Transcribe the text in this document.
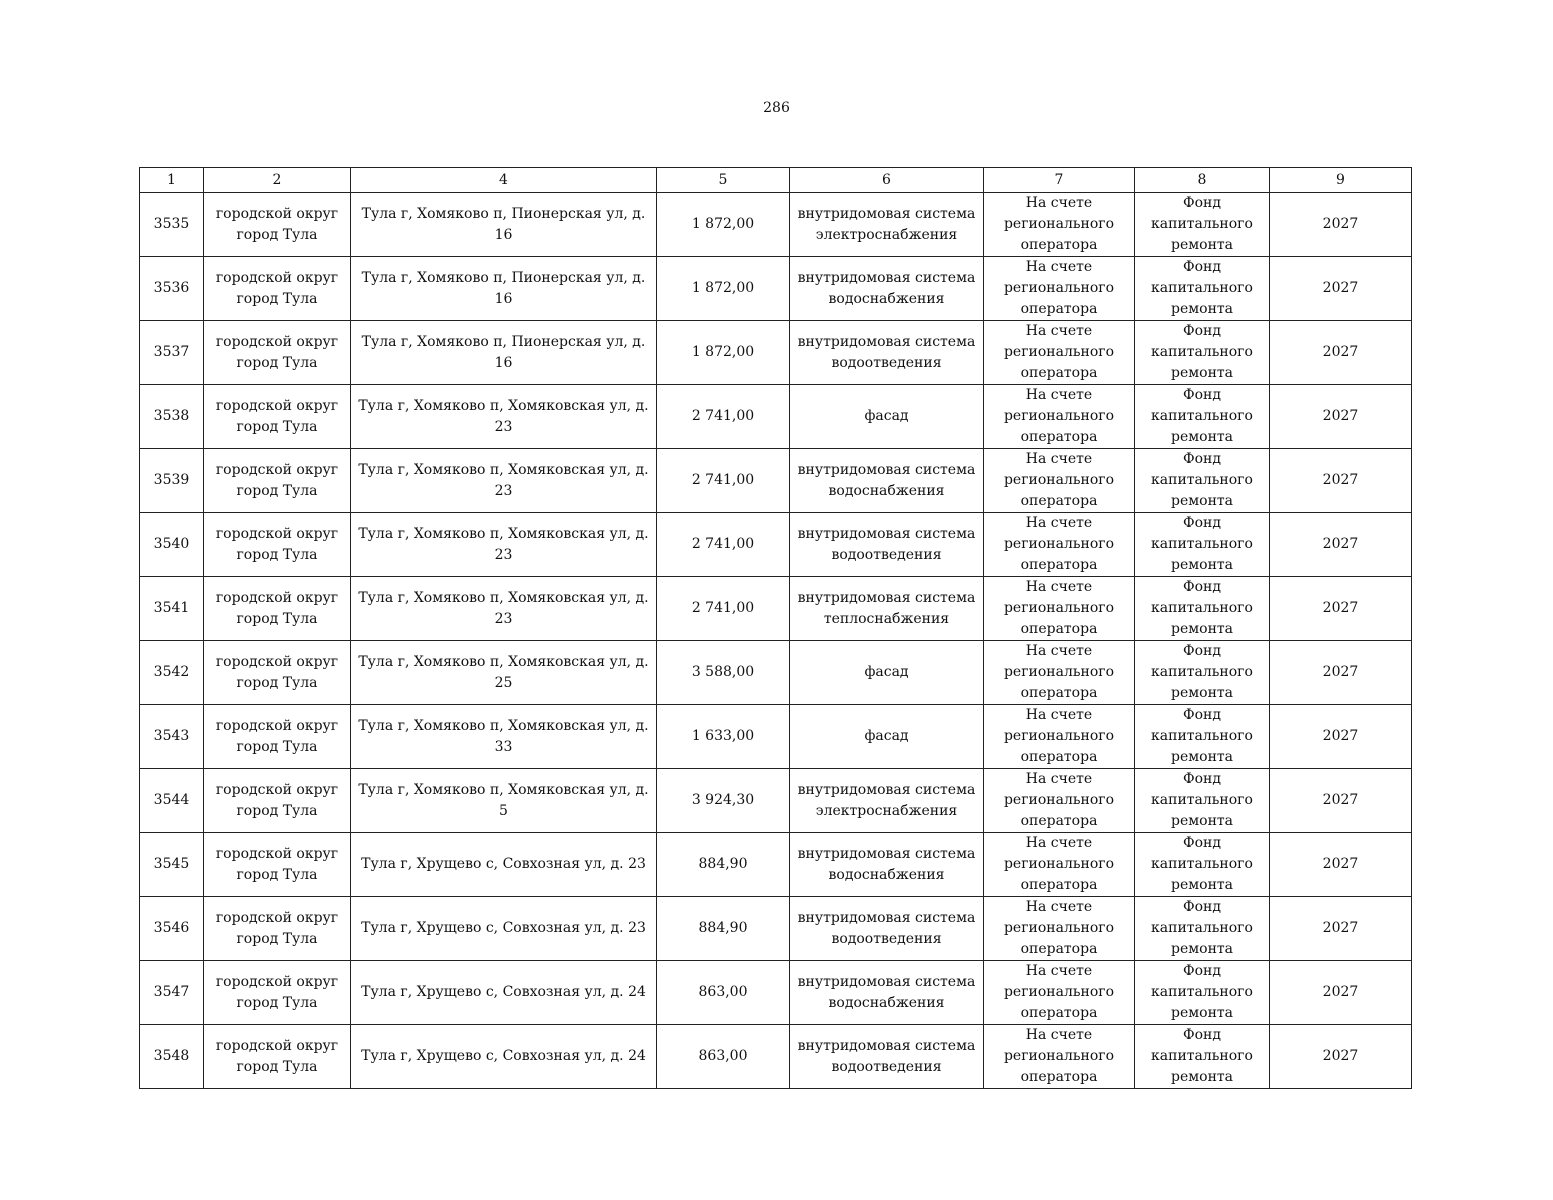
286
1	2	4	5	6	7	8	9
3535	городской округ город Тула	Тула г, Хомяково п, Пионерская ул, д. 16	1 872,00	внутридомовая система электроснабжения	На счете регионального оператора	Фонд капитального ремонта	2027
3536	городской округ город Тула	Тула г, Хомяково п, Пионерская ул, д. 16	1 872,00	внутридомовая система водоснабжения	На счете регионального оператора	Фонд капитального ремонта	2027
3537	городской округ город Тула	Тула г, Хомяково п, Пионерская ул, д. 16	1 872,00	внутридомовая система водоотведения	На счете регионального оператора	Фонд капитального ремонта	2027
3538	городской округ город Тула	Тула г, Хомяково п, Хомяковская ул, д. 23	2 741,00	фасад	На счете регионального оператора	Фонд капитального ремонта	2027
3539	городской округ город Тула	Тула г, Хомяково п, Хомяковская ул, д. 23	2 741,00	внутридомовая система водоснабжения	На счете регионального оператора	Фонд капитального ремонта	2027
3540	городской округ город Тула	Тула г, Хомяково п, Хомяковская ул, д. 23	2 741,00	внутридомовая система водоотведения	На счете регионального оператора	Фонд капитального ремонта	2027
3541	городской округ город Тула	Тула г, Хомяково п, Хомяковская ул, д. 23	2 741,00	внутридомовая система теплоснабжения	На счете регионального оператора	Фонд капитального ремонта	2027
3542	городской округ город Тула	Тула г, Хомяково п, Хомяковская ул, д. 25	3 588,00	фасад	На счете регионального оператора	Фонд капитального ремонта	2027
3543	городской округ город Тула	Тула г, Хомяково п, Хомяковская ул, д. 33	1 633,00	фасад	На счете регионального оператора	Фонд капитального ремонта	2027
3544	городской округ город Тула	Тула г, Хомяково п, Хомяковская ул, д. 5	3 924,30	внутридомовая система электроснабжения	На счете регионального оператора	Фонд капитального ремонта	2027
3545	городской округ город Тула	Тула г, Хрущево с, Совхозная ул, д. 23	884,90	внутридомовая система водоснабжения	На счете регионального оператора	Фонд капитального ремонта	2027
3546	городской округ город Тула	Тула г, Хрущево с, Совхозная ул, д. 23	884,90	внутридомовая система водоотведения	На счете регионального оператора	Фонд капитального ремонта	2027
3547	городской округ город Тула	Тула г, Хрущево с, Совхозная ул, д. 24	863,00	внутридомовая система водоснабжения	На счете регионального оператора	Фонд капитального ремонта	2027
3548	городской округ город Тула	Тула г, Хрущево с, Совхозная ул, д. 24	863,00	внутридомовая система водоотведения	На счете регионального оператора	Фонд капитального ремонта	2027
